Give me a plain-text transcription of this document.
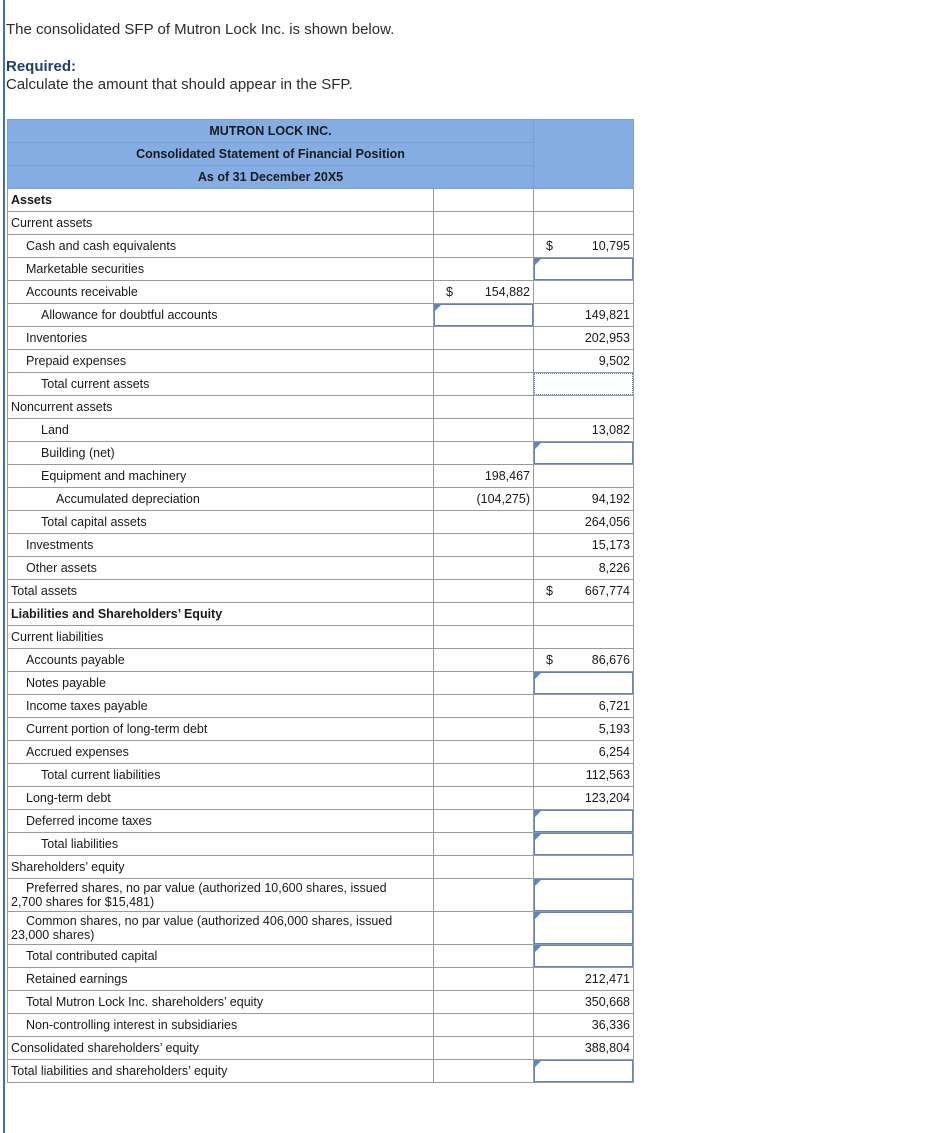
The consolidated SFP of Mutron Lock Inc. is shown below.
Required:
Calculate the amount that should appear in the SFP.
MUTRON LOCK INC.		
Consolidated Statement of Financial Position		
As of 31 December 20X5		
Assets		
Current assets		
Cash and cash equivalents		$ 10,795

Marketable securities		

Accounts receivable	$ 154,882	

Allowance for doubtful accounts		149,821

Inventories		202,953

Prepaid expenses		9,502

Total current assets		

Noncurrent assets		
Land		13,082

Building (net)		

Equipment and machinery	198,467	

Accumulated depreciation	(104,275)	94,192

Total capital assets		264,056

Investments		15,173

Other assets		8,226

Total assets		$ 667,774

Liabilities and Shareholders’ Equity		
Current liabilities		
Accounts payable		$ 86,676

Notes payable		

Income taxes payable		6,721

Current portion of long-term debt		5,193

Accrued expenses		6,254

Total current liabilities		112,563

Long-term debt		123,204

Deferred income taxes		

Total liabilities		

Shareholders’ equity		

Preferred shares, no par value (authorized 10,600 shares, issued
2,700 shares for $15,481)		

Common shares, no par value (authorized 406,000 shares, issued
23,000 shares)		

Total contributed capital		

Retained earnings		212,471

Total Mutron Lock Inc. shareholders’ equity		350,668

Non-controlling interest in subsidiaries		36,336

Consolidated shareholders’ equity		388,804

Total liabilities and shareholders’ equity		
